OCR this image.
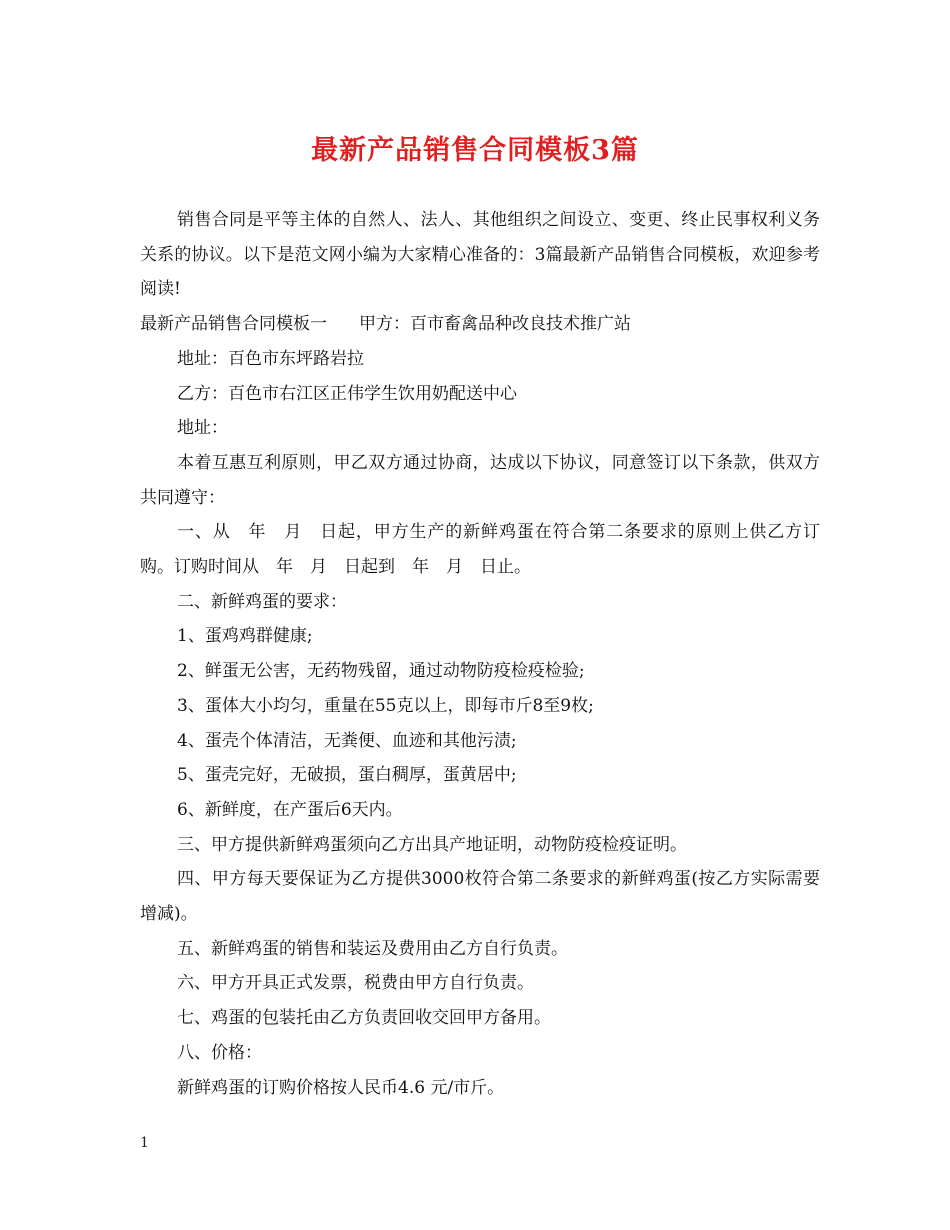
最新产品销售合同模板3篇

销售合同是平等主体的自然人、法人、其他组织之间设立、变更、终止民事权利义务关系的协议。以下是范文网小编为大家精心准备的：3篇最新产品销售合同模板，欢迎参考阅读!

最新产品销售合同模板一 甲方：百市畜禽品种改良技术推广站

地址：百色市东坪路岩拉

乙方：百色市右江区正伟学生饮用奶配送中心

地址：

本着互惠互利原则，甲乙双方通过协商，达成以下协议，同意签订以下条款，供双方共同遵守：

一、从　年　月　日起，甲方生产的新鲜鸡蛋在符合第二条要求的原则上供乙方订购。订购时间从　年　月　日起到　年　月　日止。

二、新鲜鸡蛋的要求：

1、蛋鸡鸡群健康;

2、鲜蛋无公害，无药物残留，通过动物防疫检疫检验;

3、蛋体大小均匀，重量在55克以上，即每市斤8至9枚;

4、蛋壳个体清洁，无粪便、血迹和其他污渍;

5、蛋壳完好，无破损，蛋白稠厚，蛋黄居中;

6、新鲜度，在产蛋后6天内。

三、甲方提供新鲜鸡蛋须向乙方出具产地证明，动物防疫检疫证明。

四、甲方每天要保证为乙方提供3000枚符合第二条要求的新鲜鸡蛋(按乙方实际需要增减)。

五、新鲜鸡蛋的销售和装运及费用由乙方自行负责。

六、甲方开具正式发票，税费由甲方自行负责。

七、鸡蛋的包装托由乙方负责回收交回甲方备用。

八、价格：

新鲜鸡蛋的订购价格按人民币4.6 元/市斤。

1
